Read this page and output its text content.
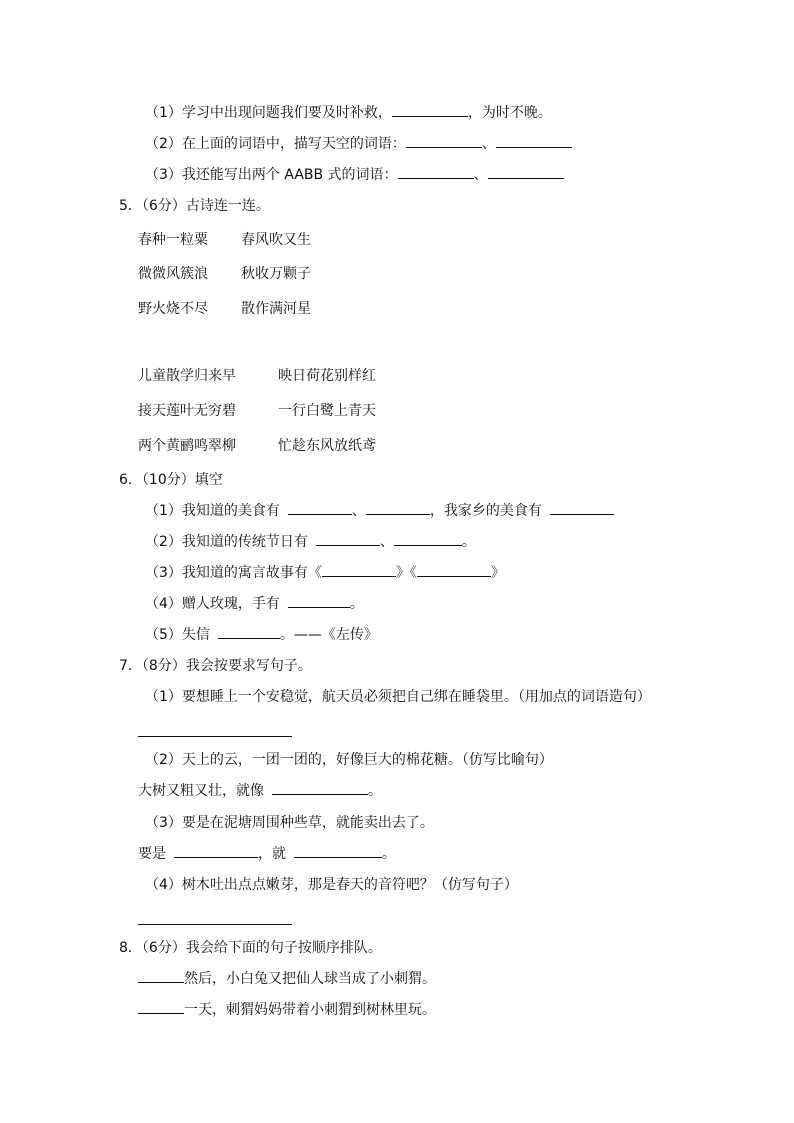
（1）学习中出现问题我们要及时补救，	，为时不晚。
（2）在上面的词语中，描写天空的词语：	、
（3）我还能写出两个 AABB 式的词语：	、
5．（6分）古诗连一连。
春种一粒粟 春风吹又生
微微风簇浪 秋收万颗子
野火烧不尽 散作满河星
儿童散学归来早	映日荷花别样红
接天莲叶无穷碧	一行白鹭上青天
两个黄鹂鸣翠柳	忙趁东风放纸鸢
6．（10分）填空
（1）我知道的美食有	、	，我家乡的美食有
（2）我知道的传统节日有	、	。
（3）我知道的寓言故事有《	》《	》
（4）赠人玫瑰，手有	。
（5）失信	。——《左传》
7．（8分）我会按要求写句子。
（1）要想睡上一个安稳觉，航天员必须把自己绑在睡袋里。（用加点的词语造句）
（2）天上的云，一团一团的，好像巨大的棉花糖。（仿写比喻句）
大树又粗又壮，就像	。
（3）要是在泥塘周围种些草，就能卖出去了。
要是	，就	。
（4）树木吐出点点嫩芽，那是春天的音符吧？（仿写句子）
8．（6分）我会给下面的句子按顺序排队。
然后，小白兔又把仙人球当成了小刺猬。
一天，刺猬妈妈带着小刺猬到树林里玩。
